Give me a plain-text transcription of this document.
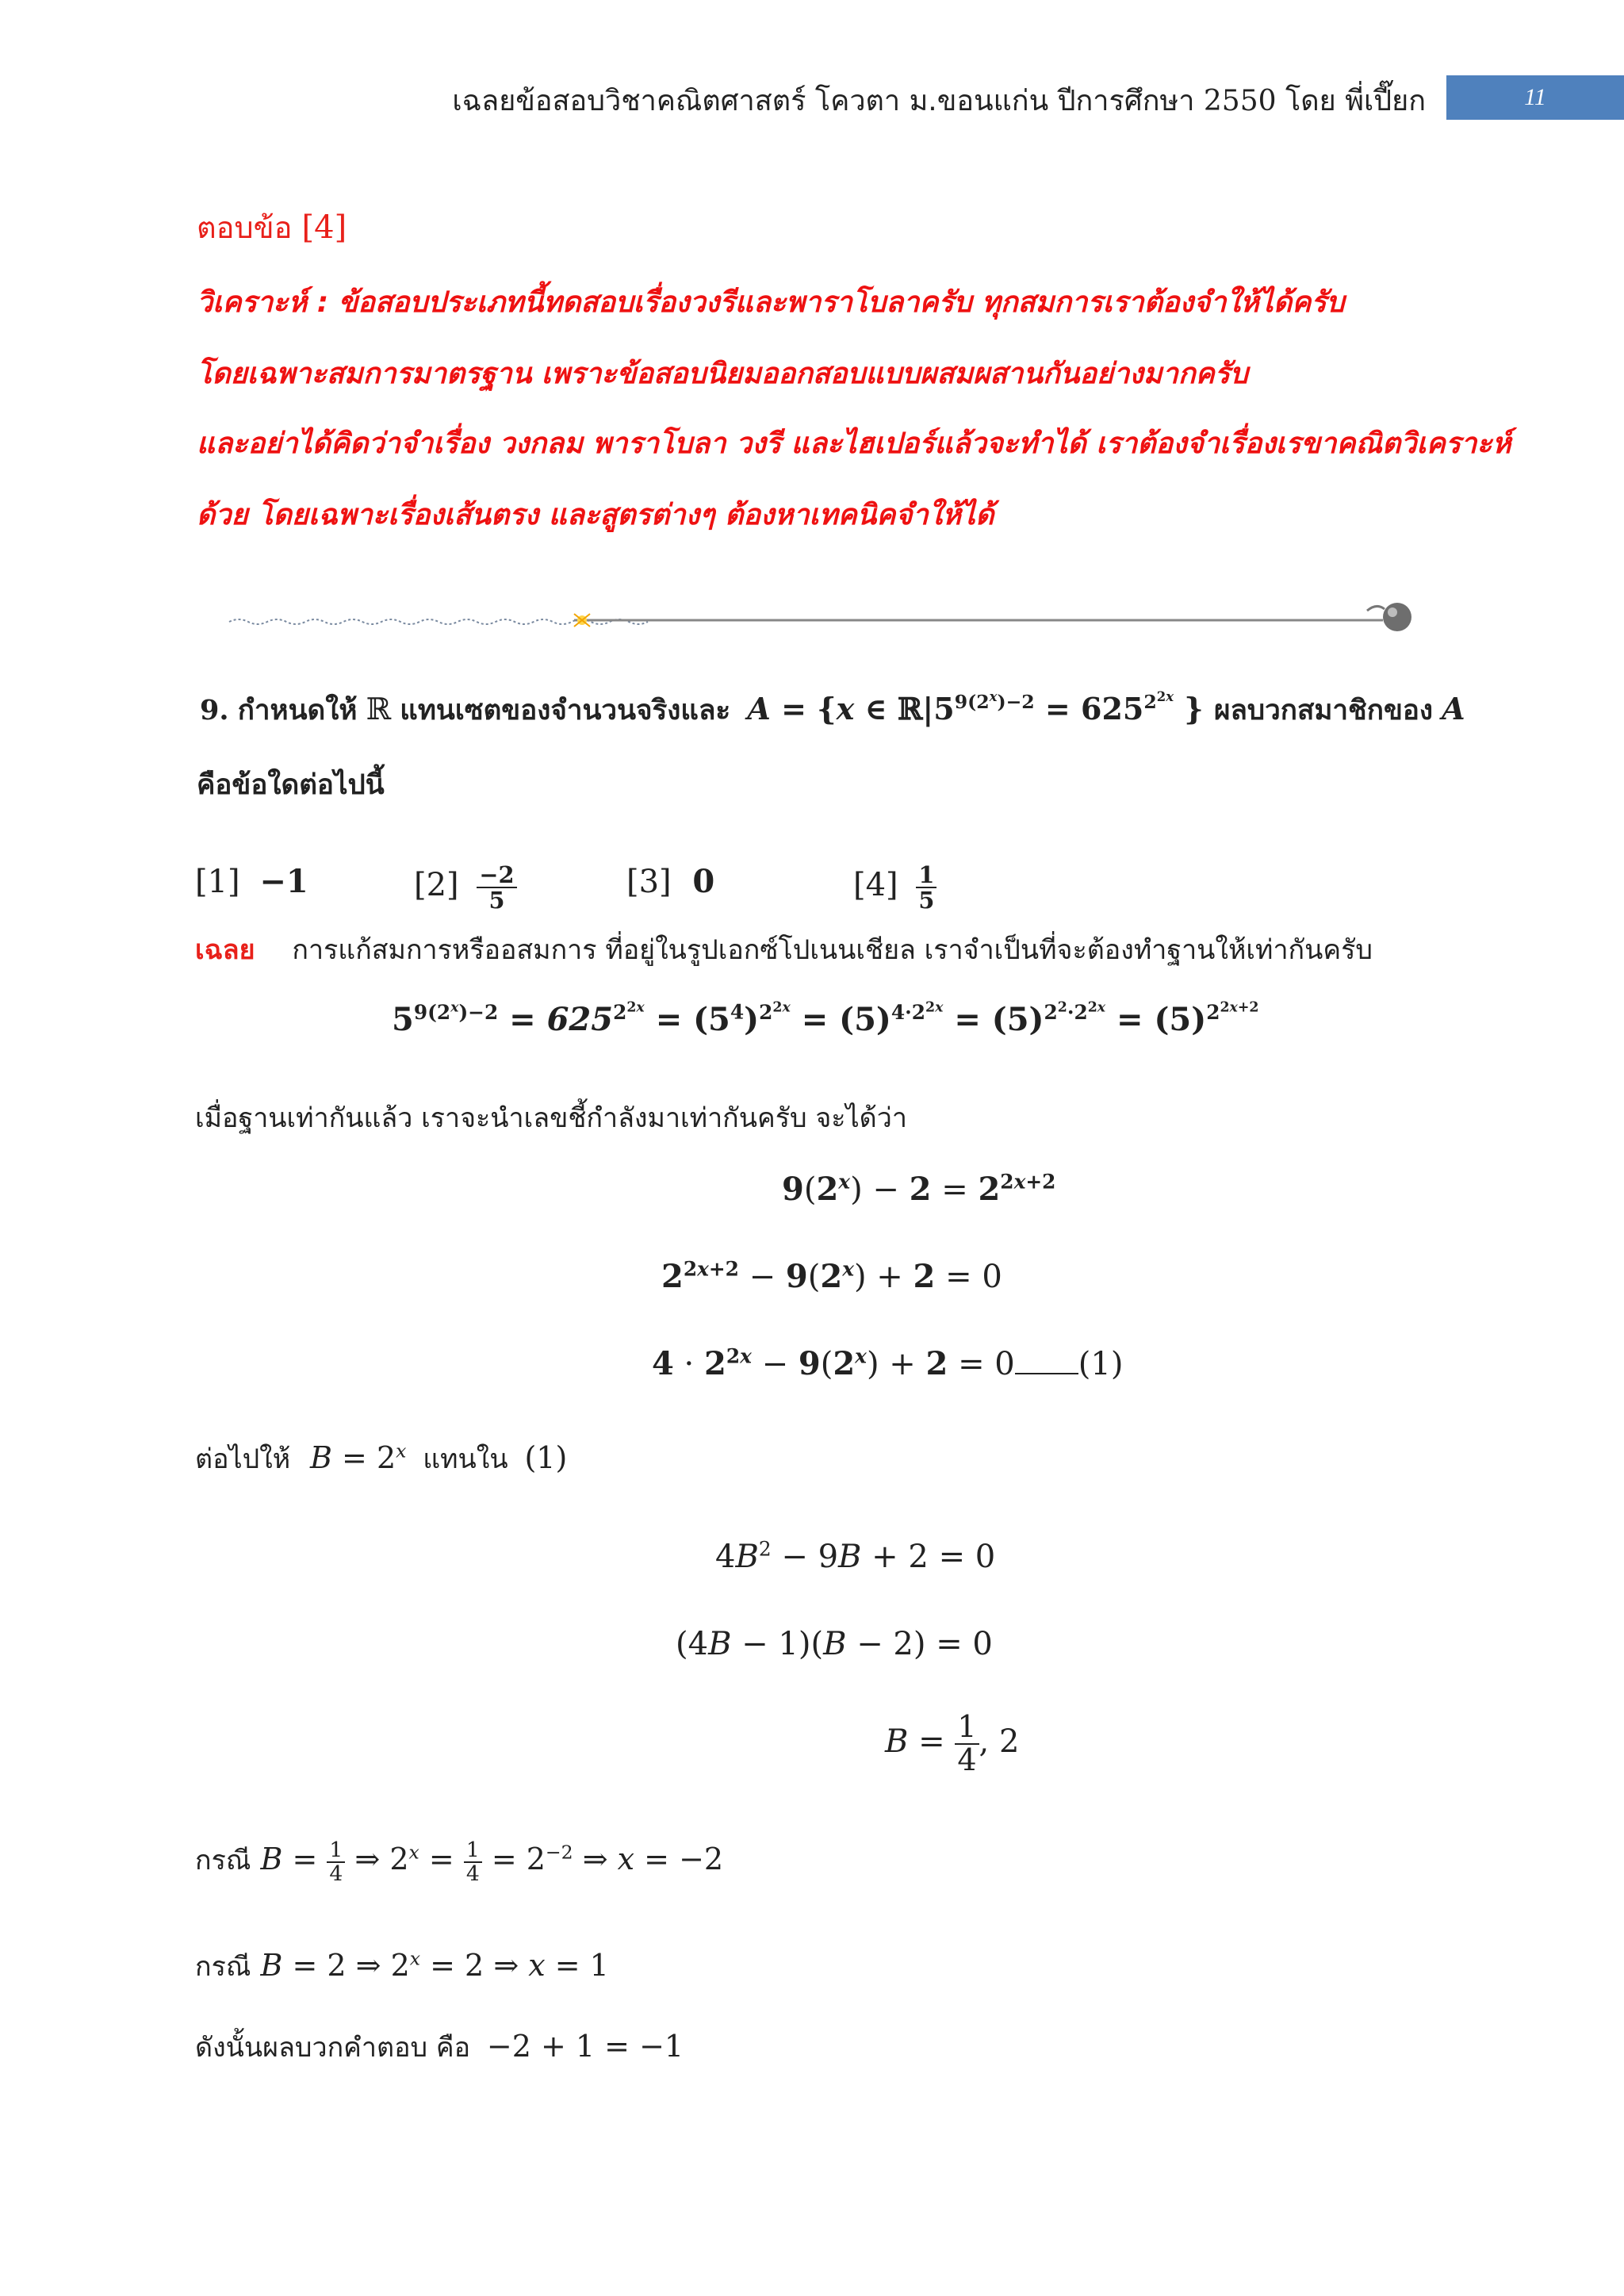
เฉลยข้อสอบวิชาคณิตศาสตร์ โควตา ม.ขอนแก่น ปีการศึกษา 2550 โดย พี่เปี๊ยก	11
ตอบข้อ [4]
วิเคราะห์ : ข้อสอบประเภทนี้ทดสอบเรื่องวงรีและพาราโบลาครับ ทุกสมการเราต้องจำให้ได้ครับ
โดยเฉพาะสมการมาตรฐาน เพราะข้อสอบนิยมออกสอบแบบผสมผสานกันอย่างมากครับ
และอย่าได้คิดว่าจำเรื่อง วงกลม พาราโบลา วงรี และไฮเปอร์แล้วจะทำได้ เราต้องจำเรื่องเรขาคณิตวิเคราะห์
ด้วย โดยเฉพาะเรื่องเส้นตรง และสูตรต่างๆ ต้องหาเทคนิคจำให้ได้
9. กำหนดให้ ℝ แทนเซตของจำนวนจริงและ A = {x ∈ $ℝ|5^{9(2^x)-2} = 625^{2^{2x}}$ } ผลบวกสมาชิกของ A
คือข้อใดต่อไปนี้
[1] −1	$[2] \frac{-2}{5}$	[3] 0	$[4] \frac{1}{5}$
เฉลย การแก้สมการหรืออสมการ ที่อยู่ในรูปเอกซ์โปเนนเชียล เราจำเป็นที่จะต้องทำฐานให้เท่ากันครับ
$5^{9(2^x)-2} = 625^{2^{2x}} = (5^4)^{2^{2x}} = (5)^{4\cdot 2^{2x}} = (5)^{2^2\cdot 2^{2x}} = (5)^{2^{2x+2}}$
เมื่อฐานเท่ากันแล้ว เราจะนำเลขชี้กำลังมาเท่ากันครับ จะได้ว่า
$9(2^x) - 2 = 2^{2x+2}$
$2^{2x+2} - 9(2^x) + 2 = 0$
$4 \cdot 2^{2x} - 9(2^x) + 2 = 0$ (1)
ต่อไปให้ $B = 2^x$ แทนใน (1)
$4B^2 - 9B + 2 = 0$
(4B − 1)(B − 2) = 0
$B = \frac{1}{4}$ , 2
กรณี $B = \frac{1}{4}$ ⇒ $2^x = \frac{1}{4} = 2^{-2}$ ⇒ x = −2
กรณี B = 2 ⇒ $2^x = 2$ ⇒ x = 1
ดังนั้นผลบวกคำตอบ คือ −2 + 1 = −1
